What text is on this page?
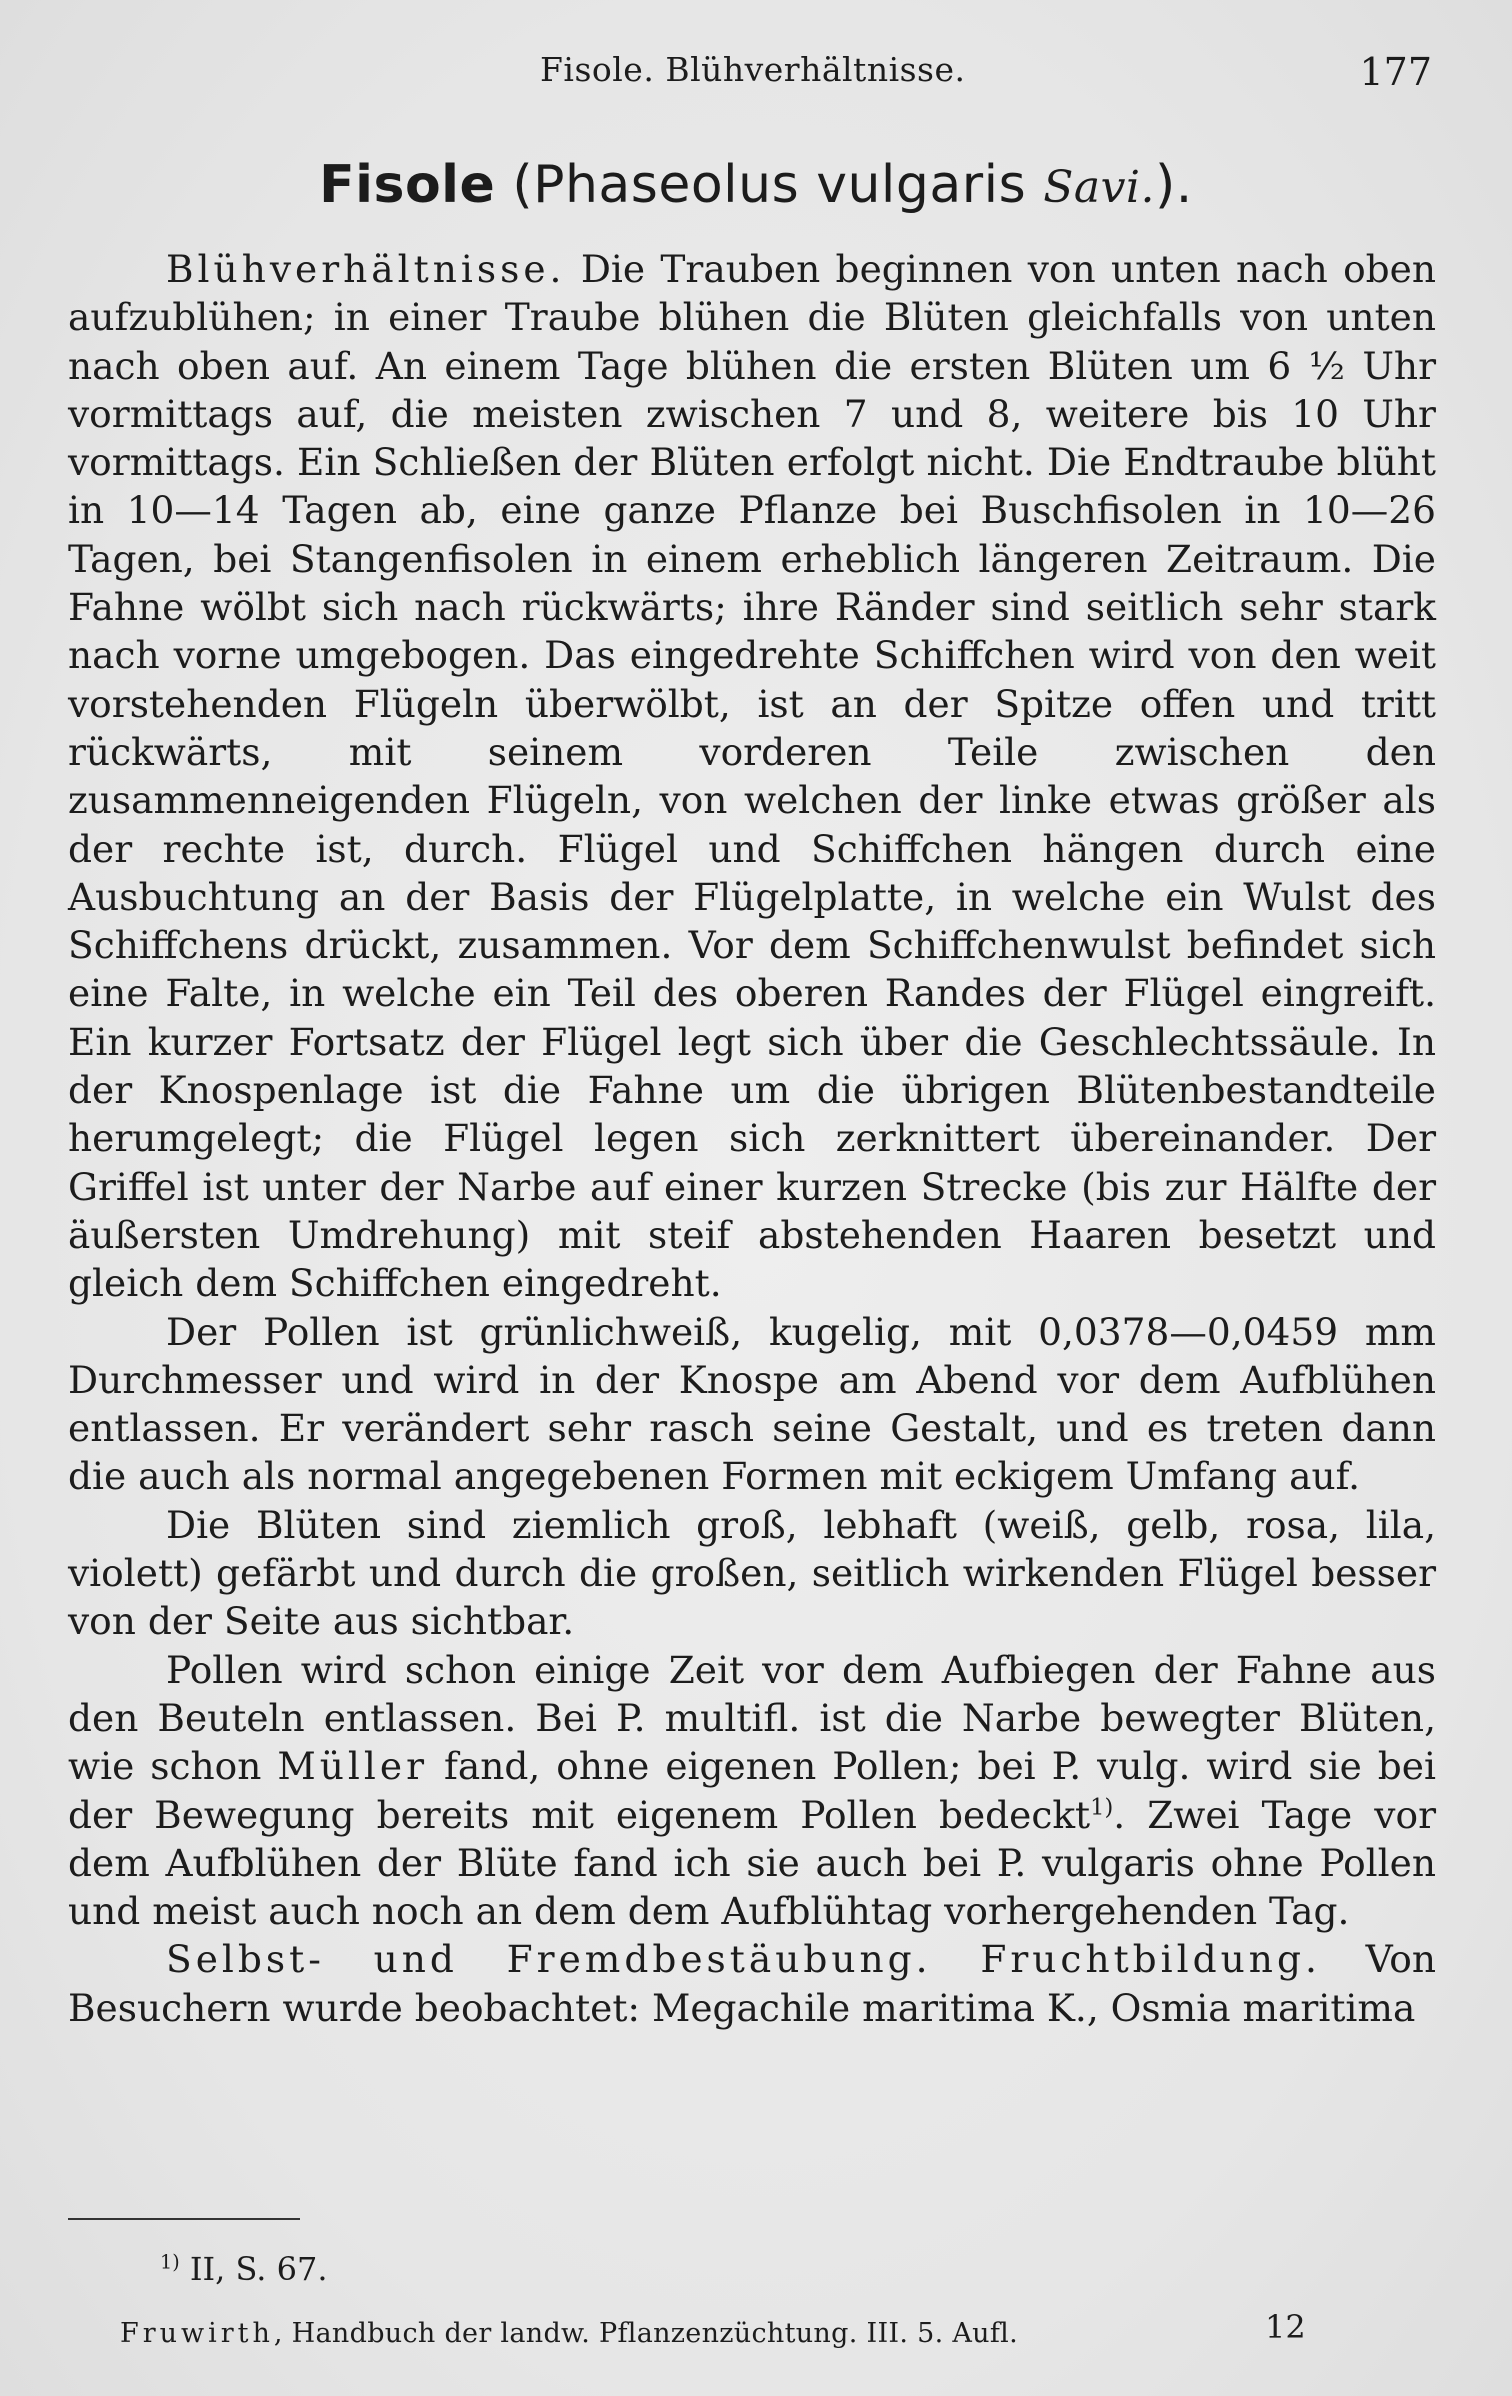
Fisole. Blühverhältnisse.	177
Fisole (Phaseolus vulgaris Savi.).

Blühverhältnisse. Die Trauben beginnen von unten nach oben aufzublühen; in einer Traube blühen die Blüten gleichfalls von unten nach oben auf. An einem Tage blühen die ersten Blüten um 6 ½ Uhr vormittags auf, die meisten zwischen 7 und 8, weitere bis 10 Uhr vormittags. Ein Schließen der Blüten erfolgt nicht. Die Endtraube blüht in 10—14 Tagen ab, eine ganze Pflanze bei Buschfisolen in 10—26 Tagen, bei Stangenfisolen in einem erheblich längeren Zeitraum. Die Fahne wölbt sich nach rückwärts; ihre Ränder sind seitlich sehr stark nach vorne umgebogen. Das eingedrehte Schiffchen wird von den weit vorstehenden Flügeln überwölbt, ist an der Spitze offen und tritt rückwärts, mit seinem vorderen Teile zwischen den zusammenneigenden Flügeln, von welchen der linke etwas größer als der rechte ist, durch. Flügel und Schiffchen hängen durch eine Ausbuchtung an der Basis der Flügelplatte, in welche ein Wulst des Schiffchens drückt, zusammen. Vor dem Schiffchenwulst befindet sich eine Falte, in welche ein Teil des oberen Randes der Flügel eingreift. Ein kurzer Fortsatz der Flügel legt sich über die Geschlechtssäule. In der Knospenlage ist die Fahne um die übrigen Blütenbestandteile herumgelegt; die Flügel legen sich zerknittert übereinander. Der Griffel ist unter der Narbe auf einer kurzen Strecke (bis zur Hälfte der äußersten Umdrehung) mit steif abstehenden Haaren besetzt und gleich dem Schiffchen eingedreht.

Der Pollen ist grünlichweiß, kugelig, mit 0,0378—0,0459 mm Durchmesser und wird in der Knospe am Abend vor dem Aufblühen entlassen. Er verändert sehr rasch seine Gestalt, und es treten dann die auch als normal angegebenen Formen mit eckigem Umfang auf.

Die Blüten sind ziemlich groß, lebhaft (weiß, gelb, rosa, lila, violett) gefärbt und durch die großen, seitlich wirkenden Flügel besser von der Seite aus sichtbar.

Pollen wird schon einige Zeit vor dem Aufbiegen der Fahne aus den Beuteln entlassen. Bei P. multifl. ist die Narbe bewegter Blüten, wie schon Müller fand, ohne eigenen Pollen; bei P. vulg. wird sie bei der Bewegung bereits mit eigenem Pollen bedeckt$^{1)}$. Zwei Tage vor dem Aufblühen der Blüte fand ich sie auch bei P. vulgaris ohne Pollen und meist auch noch an dem dem Aufblühtag vorhergehenden Tag.

Selbst- und Fremdbestäubung. Fruchtbildung. Von Besuchern wurde beobachtet: Megachile maritima K., Osmia maritima

$^{1)}$ II, S. 67.
Fruwirth, Handbuch der landw. Pflanzenzüchtung. III. 5. Aufl.	12
